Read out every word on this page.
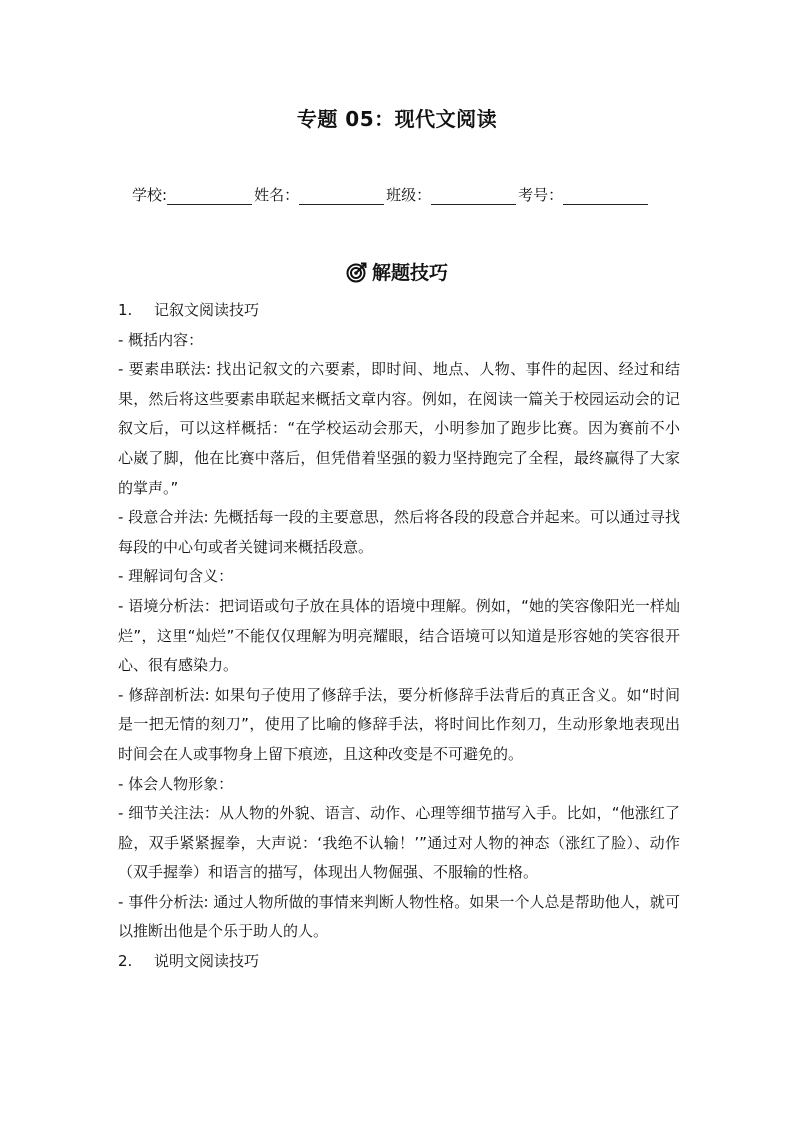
专题 05：现代文阅读
学校:	姓名：	班级：	考号：
解题技巧

1.	记叙文阅读技巧

- 概括内容：

- 要素串联法: 找出记叙文的六要素，即时间、地点、人物、事件的起因、经过和结果，然后将这些要素串联起来概括文章内容。例如，在阅读一篇关于校园运动会的记叙文后，可以这样概括：“在学校运动会那天，小明参加了跑步比赛。因为赛前不小心崴了脚，他在比赛中落后，但凭借着坚强的毅力坚持跑完了全程，最终赢得了大家的掌声。”

- 段意合并法: 先概括每一段的主要意思，然后将各段的段意合并起来。可以通过寻找每段的中心句或者关键词来概括段意。

- 理解词句含义：

- 语境分析法：把词语或句子放在具体的语境中理解。例如，“她的笑容像阳光一样灿烂”，这里“灿烂”不能仅仅理解为明亮耀眼，结合语境可以知道是形容她的笑容很开心、很有感染力。

- 修辞剖析法: 如果句子使用了修辞手法，要分析修辞手法背后的真正含义。如“时间是一把无情的刻刀”，使用了比喻的修辞手法，将时间比作刻刀，生动形象地表现出时间会在人或事物身上留下痕迹，且这种改变是不可避免的。

- 体会人物形象：

- 细节关注法：从人物的外貌、语言、动作、心理等细节描写入手。比如，“他涨红了脸，双手紧紧握拳，大声说：‘我绝不认输！’”通过对人物的神态（涨红了脸）、动作（双手握拳）和语言的描写，体现出人物倔强、不服输的性格。

- 事件分析法: 通过人物所做的事情来判断人物性格。如果一个人总是帮助他人，就可以推断出他是个乐于助人的人。

2.	说明文阅读技巧
